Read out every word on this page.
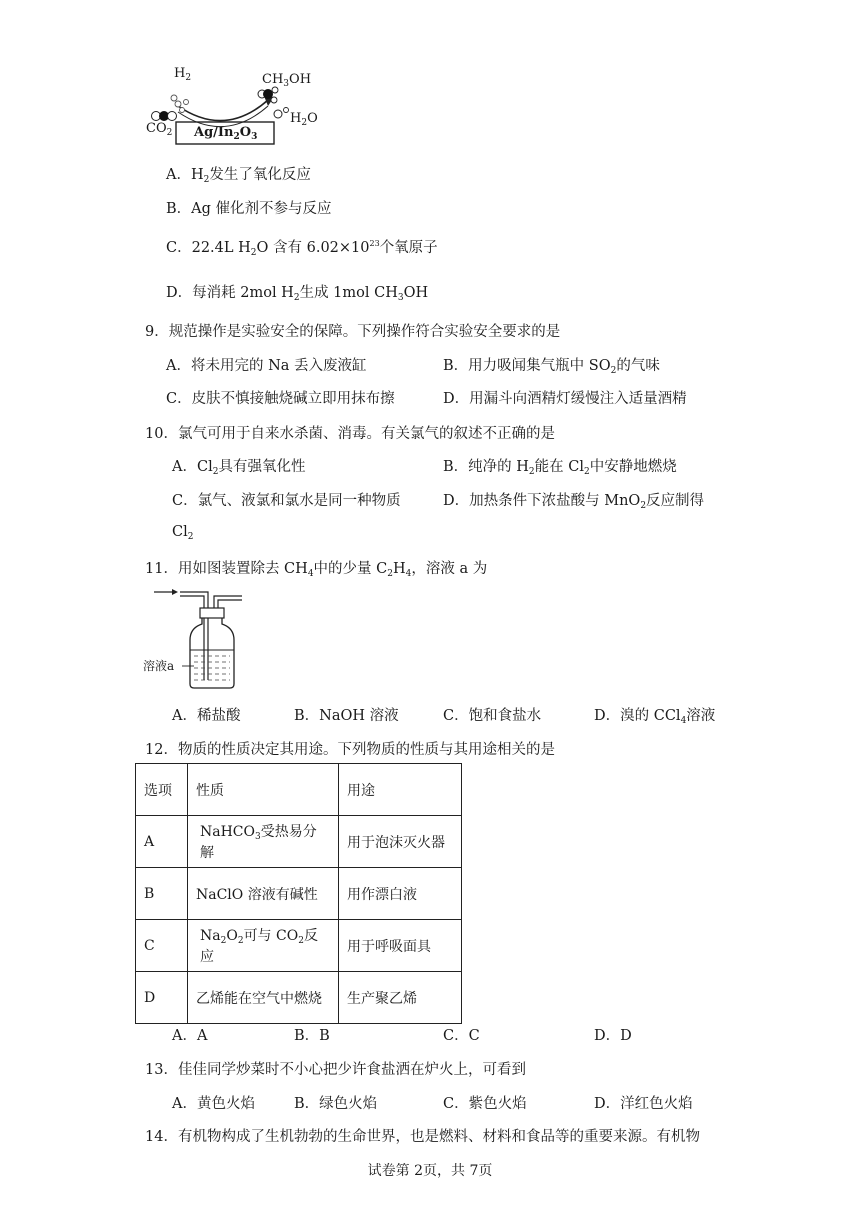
$H_2$	$CH_3OH$
$CO_2$
$H_2O$
$Ag/In_2O_3$
A．$H_2$发生了氧化反应
B．Ag 催化剂不参与反应
C．22.4L $H_2O$ 含有 $6.02\times 10^{23}$个氧原子
D．每消耗 2mol $H_2$生成 1mol $CH_3OH$
9．规范操作是实验安全的保障。下列操作符合实验安全要求的是
A．将未用完的 Na 丢入废液缸	B．用力吸闻集气瓶中 $SO_2$的气味
C．皮肤不慎接触烧碱立即用抹布擦	D．用漏斗向酒精灯缓慢注入适量酒精
10．氯气可用于自来水杀菌、消毒。有关氯气的叙述不正确的是
A．$Cl_2$具有强氧化性	B．纯净的 $H_2$能在 $Cl_2$中安静地燃烧
C．氯气、液氯和氯水是同一种物质	D．加热条件下浓盐酸与 MnO$_2$反应制得
$Cl_2$
11．用如图装置除去 $CH_4$中的少量 $C_2H_4$，溶液 a 为
溶液a
A．稀盐酸	B．NaOH 溶液	C．饱和食盐水	D．溴的 CCl$_4$溶液
12．物质的性质决定其用途。下列物质的性质与其用途相关的是
选项	性质	用途
A	NaHCO$_3$受热易分解	用于泡沫灭火器
B	NaClO 溶液有碱性	用作漂白液
C	$Na_2O_2$可与 $CO_2$反应	用于呼吸面具
D	乙烯能在空气中燃烧	生产聚乙烯
A．A	B．B	C．C	D．D
13．佳佳同学炒菜时不小心把少许食盐洒在炉火上，可看到
A．黄色火焰	B．绿色火焰	C．紫色火焰	D．洋红色火焰
14．有机物构成了生机勃勃的生命世界，也是燃料、材料和食品等的重要来源。有机物
试卷第 2页，共 7页
